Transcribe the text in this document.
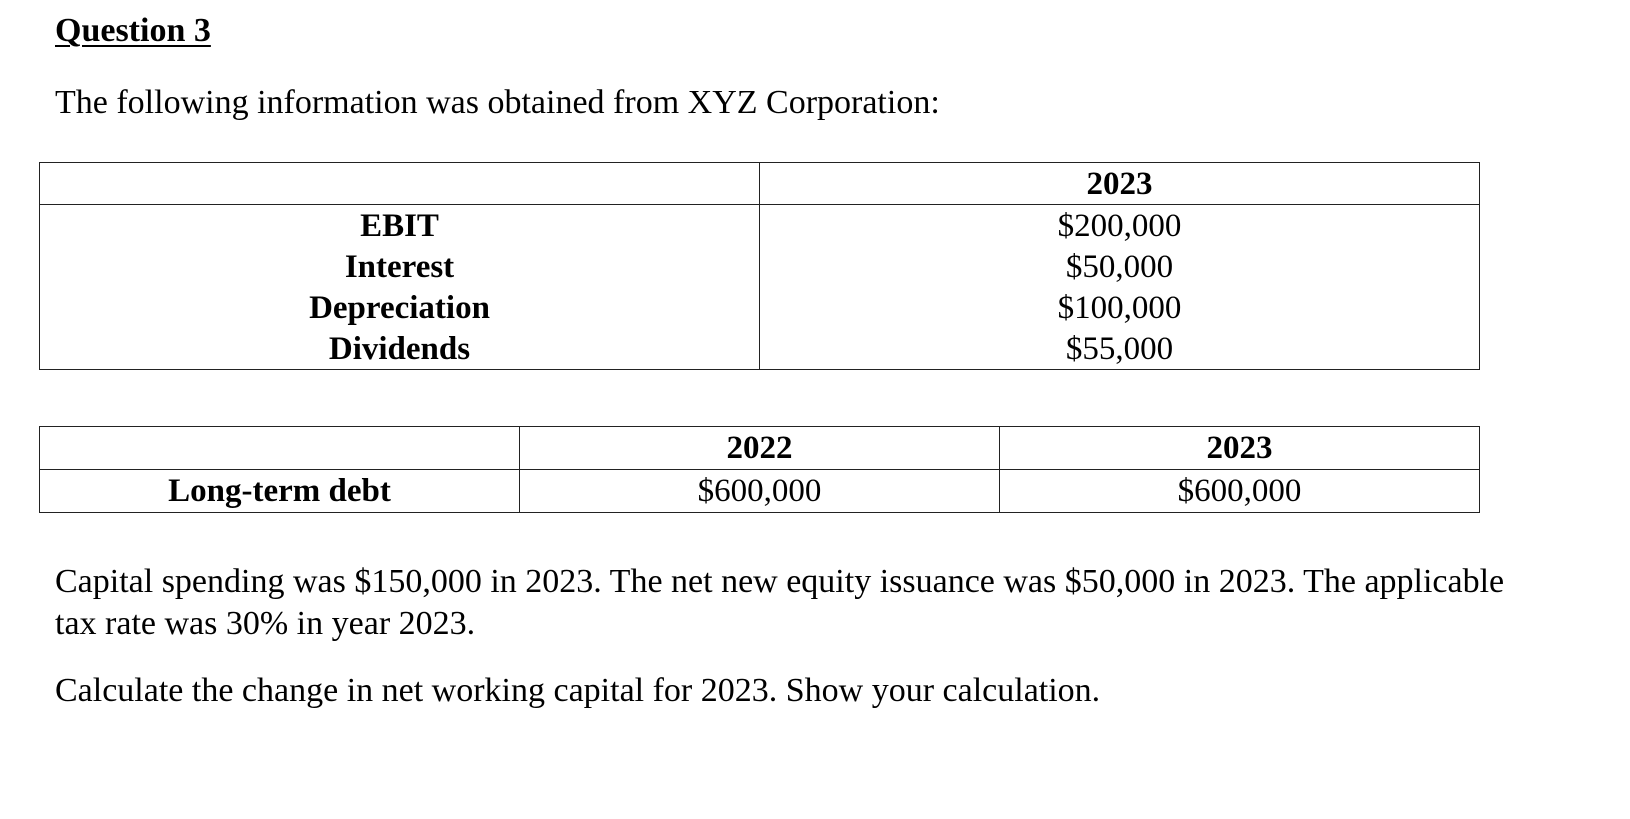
Question 3
The following information was obtained from XYZ Corporation:
	2023
EBIT	$200,000
Interest	$50,000
Depreciation	$100,000
Dividends	$55,000
	2022	2023
Long-term debt	$600,000	$600,000
Capital spending was $150,000 in 2023. The net new equity issuance was $50,000 in 2023. The applicable tax rate was 30% in year 2023.
Calculate the change in net working capital for 2023. Show your calculation.
